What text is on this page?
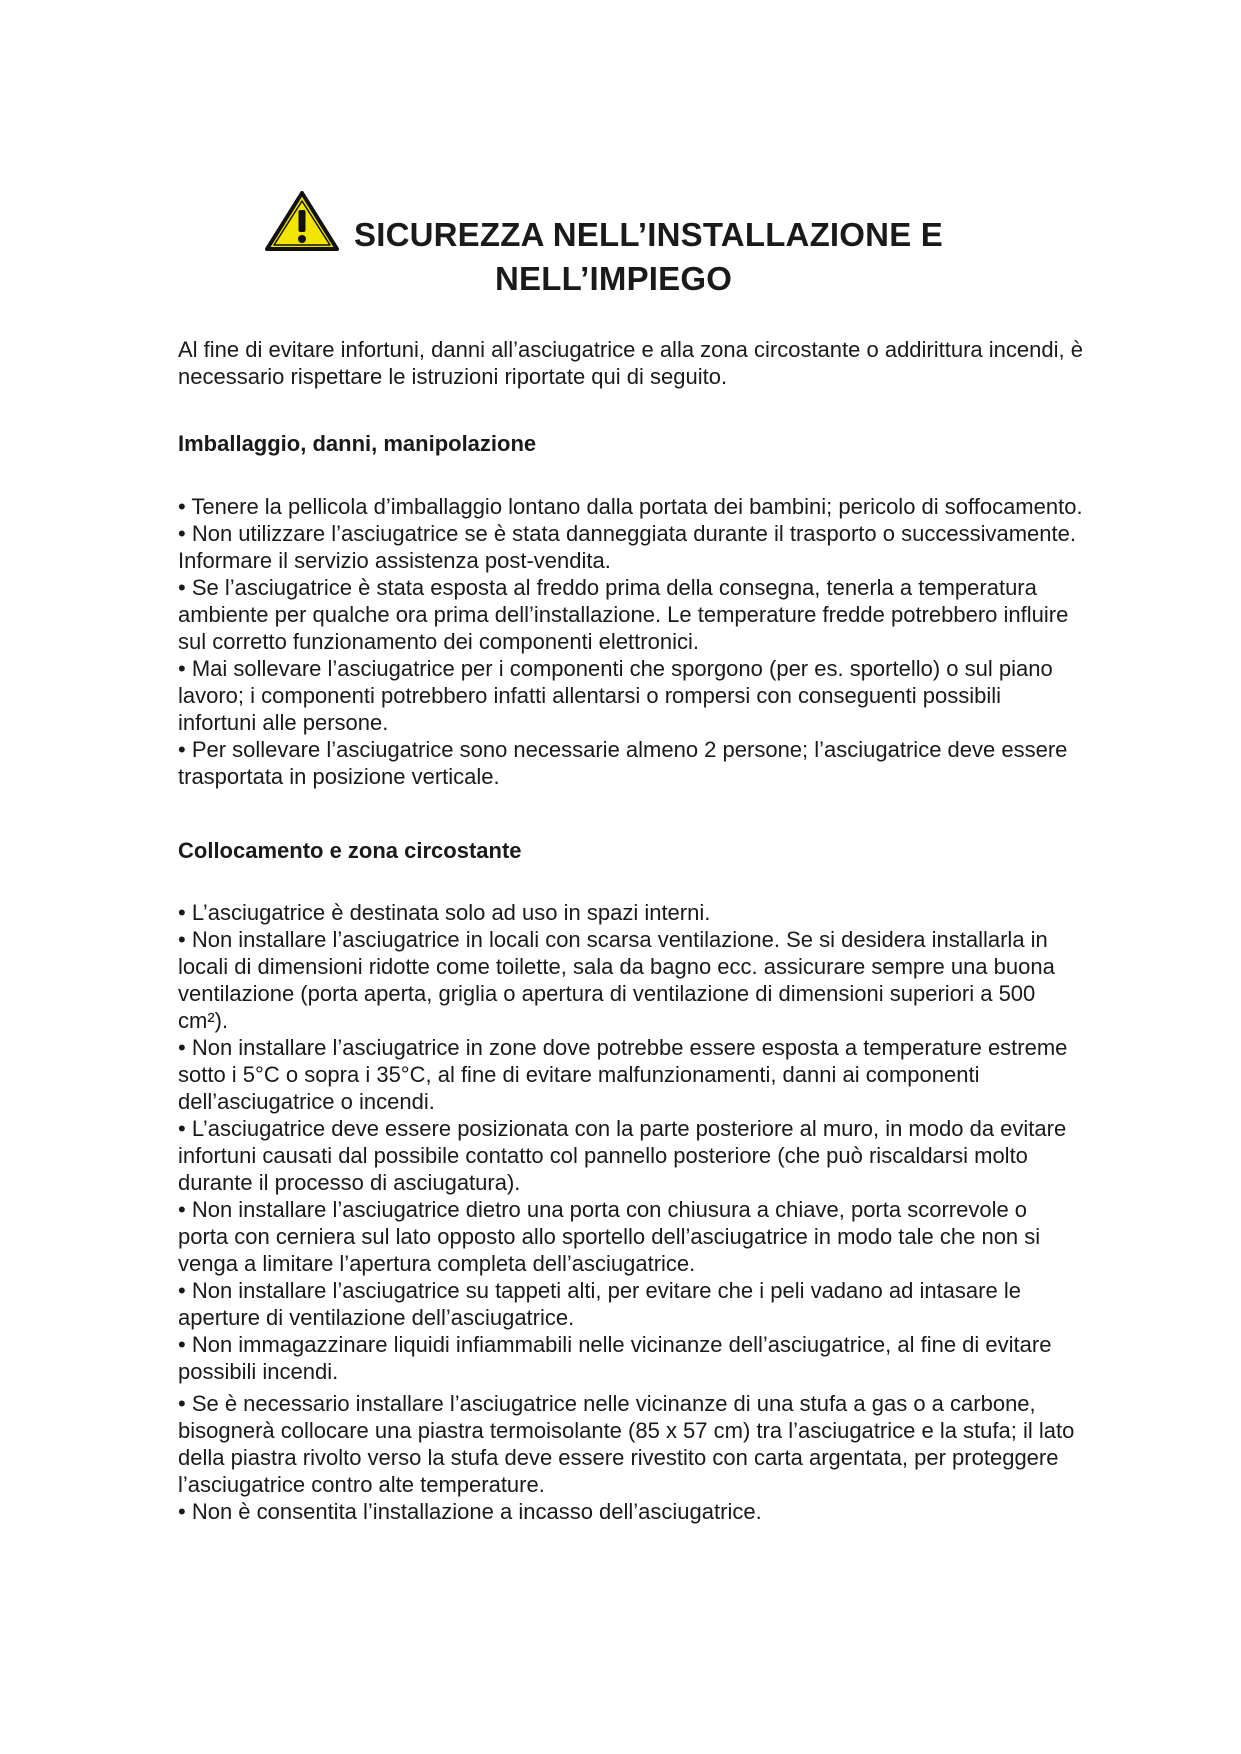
SICUREZZA NELL’INSTALLAZIONE E
NELL’IMPIEGO

Al fine di evitare infortuni, danni all’asciugatrice e alla zona circostante o addirittura incendi, è necessario rispettare le istruzioni riportate qui di seguito.

Imballaggio, danni, manipolazione
• Tenere la pellicola d’imballaggio lontano dalla portata dei bambini; pericolo di soffocamento.
• Non utilizzare l’asciugatrice se è stata danneggiata durante il trasporto o successivamente. Informare il servizio assistenza post-vendita.
• Se l’asciugatrice è stata esposta al freddo prima della consegna, tenerla a temperatura ambiente per qualche ora prima dell’installazione. Le temperature fredde potrebbero influire sul corretto funzionamento dei componenti elettronici.
• Mai sollevare l’asciugatrice per i componenti che sporgono (per es. sportello) o sul piano lavoro; i componenti potrebbero infatti allentarsi o rompersi con conseguenti possibili infortuni alle persone.
• Per sollevare l’asciugatrice sono necessarie almeno 2 persone; l’asciugatrice deve essere trasportata in posizione verticale.
Collocamento e zona circostante
• L’asciugatrice è destinata solo ad uso in spazi interni.
• Non installare l’asciugatrice in locali con scarsa ventilazione. Se si desidera installarla in locali di dimensioni ridotte come toilette, sala da bagno ecc. assicurare sempre una buona ventilazione (porta aperta, griglia o apertura di ventilazione di dimensioni superiori a 500 cm²).
• Non installare l’asciugatrice in zone dove potrebbe essere esposta a temperature estreme sotto i 5°C o sopra i 35°C, al fine di evitare malfunzionamenti, danni ai componenti dell’asciugatrice o incendi.
• L’asciugatrice deve essere posizionata con la parte posteriore al muro, in modo da evitare infortuni causati dal possibile contatto col pannello posteriore (che può riscaldarsi molto durante il processo di asciugatura).
• Non installare l’asciugatrice dietro una porta con chiusura a chiave, porta scorrevole o porta con cerniera sul lato opposto allo sportello dell’asciugatrice in modo tale che non si venga a limitare l’apertura completa dell’asciugatrice.
• Non installare l’asciugatrice su tappeti alti, per evitare che i peli vadano ad intasare le aperture di ventilazione dell’asciugatrice.
• Non immagazzinare liquidi infiammabili nelle vicinanze dell’asciugatrice, al fine di evitare possibili incendi.
• Se è necessario installare l’asciugatrice nelle vicinanze di una stufa a gas o a carbone, bisognerà collocare una piastra termoisolante (85 x 57 cm) tra l’asciugatrice e la stufa; il lato della piastra rivolto verso la stufa deve essere rivestito con carta argentata, per proteggere l’asciugatrice contro alte temperature.
• Non è consentita l’installazione a incasso dell’asciugatrice.
